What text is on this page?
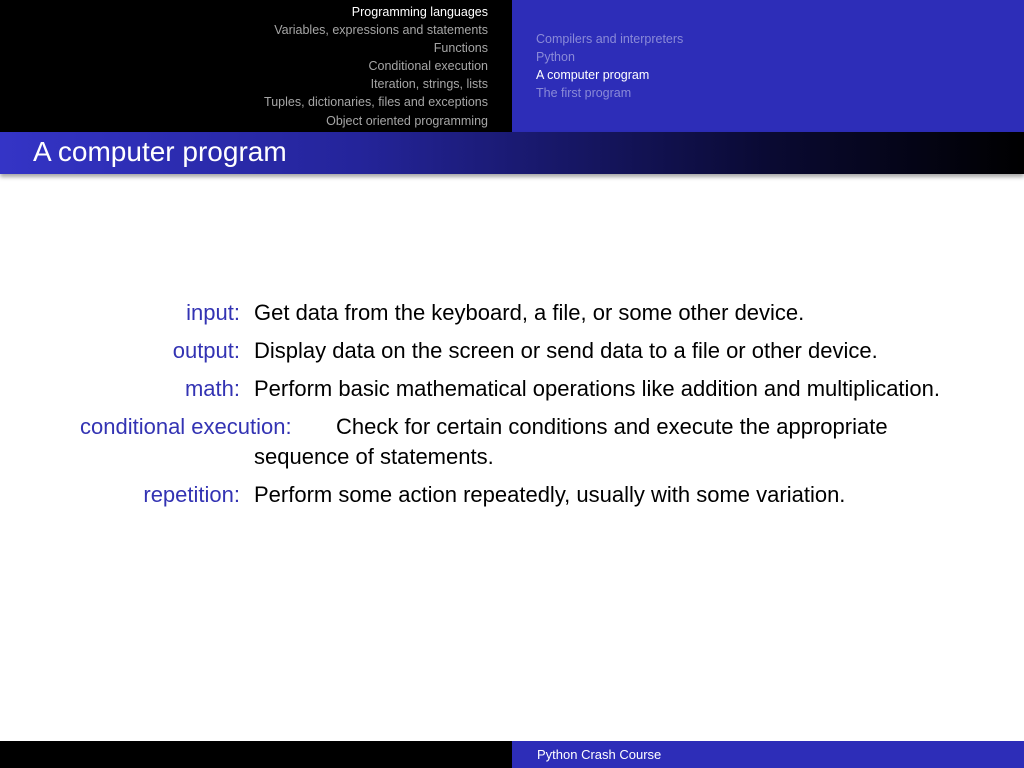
Programming languages
Variables, expressions and statements
Functions
Conditional execution
Iteration, strings, lists
Tuples, dictionaries, files and exceptions
Object oriented programming
Compilers and interpreters
Python
A computer program
The first program
A computer program
input: Get data from the keyboard, a file, or some other device.
output: Display data on the screen or send data to a file or other device.
math: Perform basic mathematical operations like addition and multiplication.
conditional execution:	Check for certain conditions and execute the appropriate sequence of statements.
repetition: Perform some action repeatedly, usually with some variation.
Python Crash Course
